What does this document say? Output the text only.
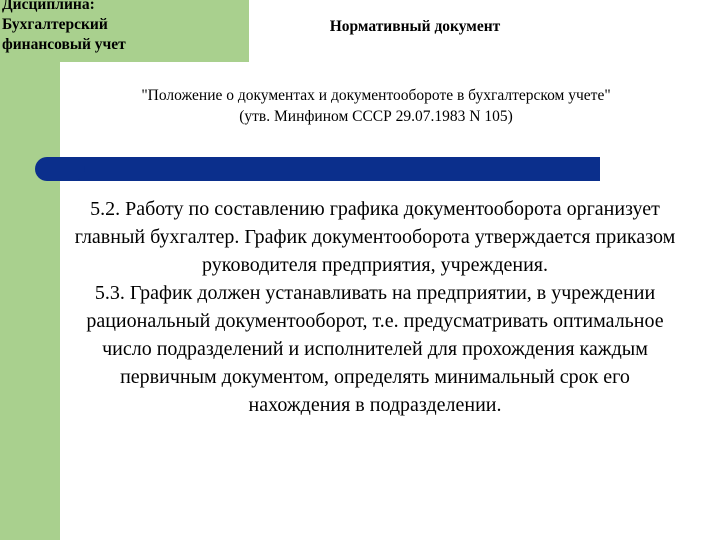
Дисциплина:
Бухгалтерский
финансовый учет
Нормативный документ
"Положение о документах и документообороте в бухгалтерском учете"
(утв. Минфином СССР 29.07.1983 N 105)

5.2. Работу по составлению графика документооборота организует главный бухгалтер. График документооборота утверждается приказом руководителя предприятия, учреждения.

5.3. График должен устанавливать на предприятии, в учреждении рациональный документооборот, т.е. предусматривать оптимальное число подразделений и исполнителей для прохождения каждым первичным документом, определять минимальный срок его нахождения в подразделении.
